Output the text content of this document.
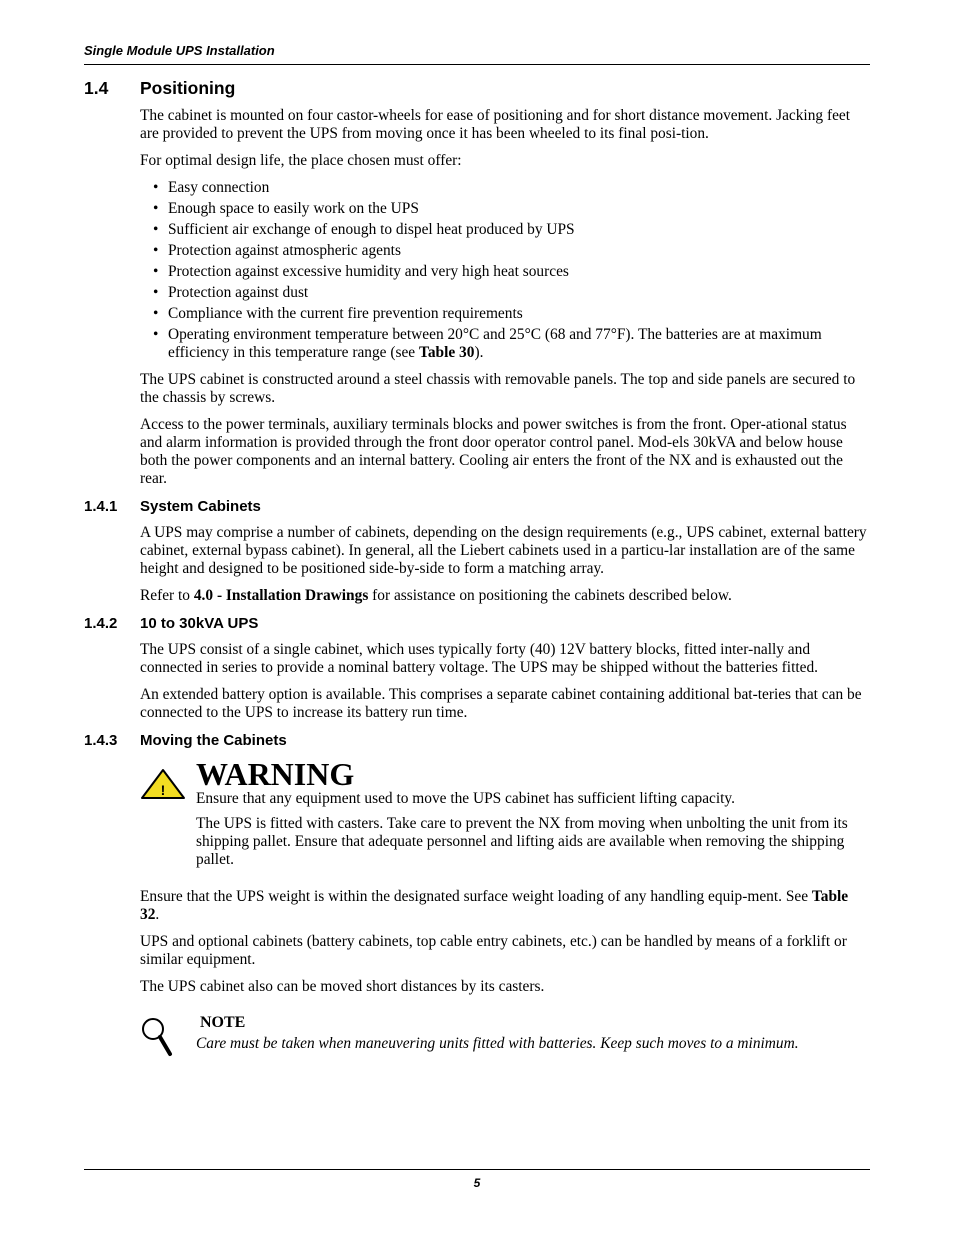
Single Module UPS Installation
1.4	Positioning

The cabinet is mounted on four castor-wheels for ease of positioning and for short distance movement. Jacking feet are provided to prevent the UPS from moving once it has been wheeled to its final posi-tion.

For optimal design life, the place chosen must offer:

• Easy connection
• Enough space to easily work on the UPS
• Sufficient air exchange of enough to dispel heat produced by UPS
• Protection against atmospheric agents
• Protection against excessive humidity and very high heat sources
• Protection against dust
• Compliance with the current fire prevention requirements
• Operating environment temperature between 20°C and 25°C (68 and 77°F). The batteries are at maximum efficiency in this temperature range (see Table 30).

The UPS cabinet is constructed around a steel chassis with removable panels. The top and side panels are secured to the chassis by screws.

Access to the power terminals, auxiliary terminals blocks and power switches is from the front. Oper-ational status and alarm information is provided through the front door operator control panel. Mod-els 30kVA and below house both the power components and an internal battery. Cooling air enters the front of the NX and is exhausted out the rear.

1.4.1	System Cabinets

A UPS may comprise a number of cabinets, depending on the design requirements (e.g., UPS cabinet, external battery cabinet, external bypass cabinet). In general, all the Liebert cabinets used in a particu-lar installation are of the same height and designed to be positioned side-by-side to form a matching array.

Refer to 4.0 - Installation Drawings for assistance on positioning the cabinets described below.

1.4.2	10 to 30kVA UPS

The UPS consist of a single cabinet, which uses typically forty (40) 12V battery blocks, fitted inter-nally and connected in series to provide a nominal battery voltage. The UPS may be shipped without the batteries fitted.

An extended battery option is available. This comprises a separate cabinet containing additional bat-teries that can be connected to the UPS to increase its battery run time.

1.4.3	Moving the Cabinets
! WARNING

Ensure that any equipment used to move the UPS cabinet has sufficient lifting capacity.

The UPS is fitted with casters. Take care to prevent the NX from moving when unbolting the unit from its shipping pallet. Ensure that adequate personnel and lifting aids are available when removing the shipping pallet.

Ensure that the UPS weight is within the designated surface weight loading of any handling equip-ment. See Table 32.

UPS and optional cabinets (battery cabinets, top cable entry cabinets, etc.) can be handled by means of a forklift or similar equipment.

The UPS cabinet also can be moved short distances by its casters.

NOTE
Care must be taken when maneuvering units fitted with batteries. Keep such moves to a minimum.
5
